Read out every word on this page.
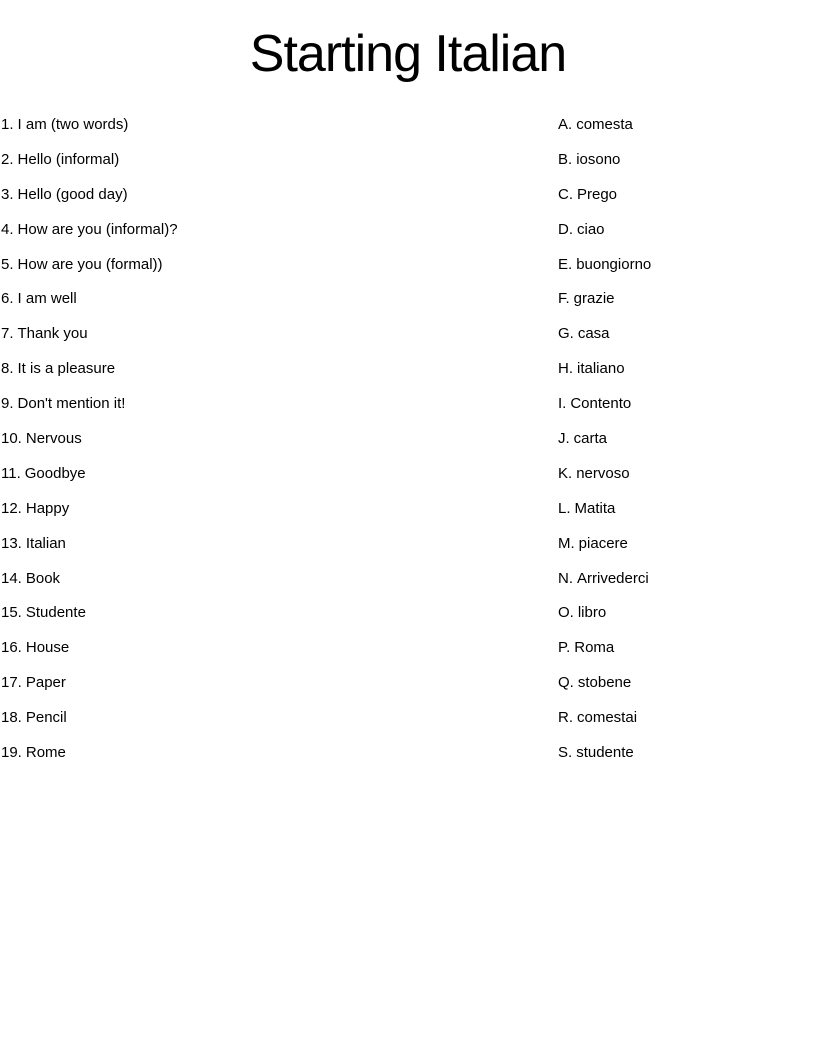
Starting Italian
1. I am (two words)
2. Hello (informal)
3. Hello (good day)
4. How are you (informal)?
5. How are you (formal))
6. I am well
7. Thank you
8. It is a pleasure
9. Don't mention it!
10. Nervous
11. Goodbye
12. Happy
13. Italian
14. Book
15. Studente
16. House
17. Paper
18. Pencil
19. Rome
A. comesta
B. iosono
C. Prego
D. ciao
E. buongiorno
F. grazie
G. casa
H. italiano
I. Contento
J. carta
K. nervoso
L. Matita
M. piacere
N. Arrivederci
O. libro
P. Roma
Q. stobene
R. comestai
S. studente
